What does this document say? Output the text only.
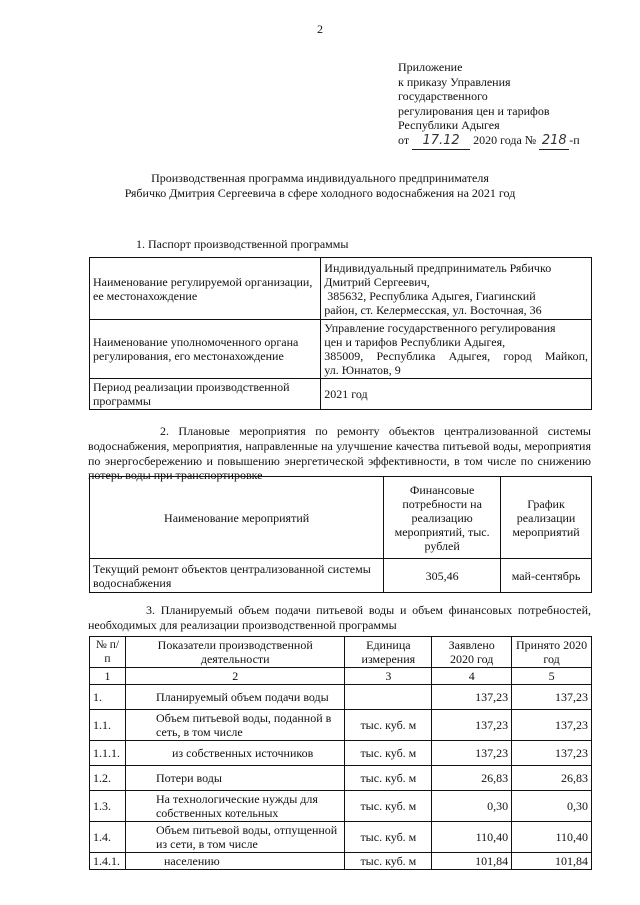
2
Приложение
к приказу Управления
государственного
регулирования цен и тарифов
Республики Адыгея
от 17.12 2020 года № 218 -п
Производственная программа индивидуального предпринимателя
Рябичко Дмитрия Сергеевича в сфере холодного водоснабжения на 2021 год
1. Паспорт производственной программы
Наименование регулируемой организации, ее местонахождение	Индивидуальный предприниматель Рябичко
Дмитрий Сергеевич,
385632, Республика Адыгея, Гиагинский
район, ст. Келермесская, ул. Восточная, 36

Наименование уполномоченного органа регулирования, его местонахождение	Управление государственного регулирования
цен и тарифов Республики Адыгея,
385009, Республика Адыгея, город Майкоп,
ул. Юннатов, 9

Период реализации производственной программы	2021 год
2. Плановые мероприятия по ремонту объектов централизованной системы
водоснабжения, мероприятия, направленные на улучшение качества питьевой воды, мероприятия по энергосбережению и повышению энергетической эффективности, в том числе по снижению потерь воды при транспортировке
Наименование мероприятий	Финансовые потребности на реализацию мероприятий, тыс. рублей	График реализации мероприятий
Текущий ремонт объектов централизованной системы водоснабжения	305,46	май-сентябрь
3. Планируемый объем подачи питьевой воды и объем финансовых потребностей,
необходимых для реализации производственной программы
№ п/п	Показатели производственной деятельности	Единица измерения	Заявлено 2020 год	Принято 2020 год
1	2	3	4	5
1.	Планируемый объем подачи воды		137,23	137,23
1.1.	Объем питьевой воды, поданной в сеть, в том числе	тыс. куб. м	137,23	137,23
1.1.1.	из собственных источников	тыс. куб. м	137,23	137,23
1.2.	Потери воды	тыс. куб. м	26,83	26,83
1.3.	На технологические нужды для собственных котельных	тыс. куб. м	0,30	0,30
1.4.	Объем питьевой воды, отпущенной из сети, в том числе	тыс. куб. м	110,40	110,40
1.4.1.	населению	тыс. куб. м	101,84	101,84
